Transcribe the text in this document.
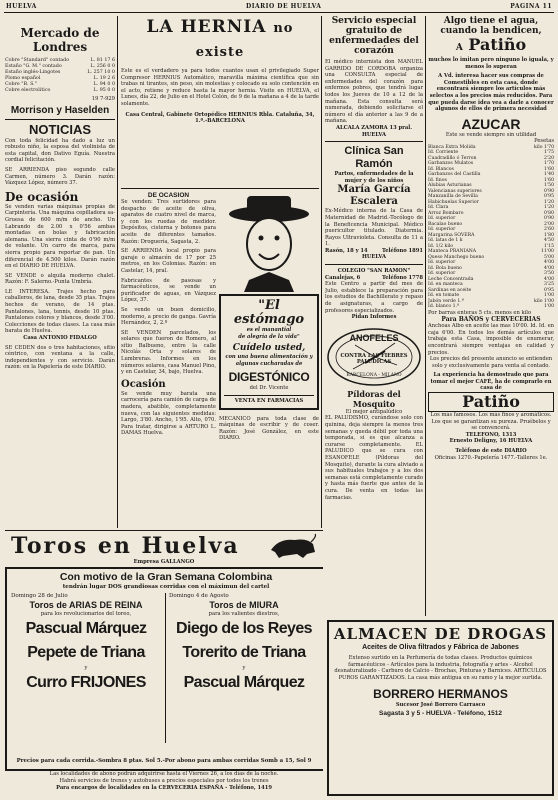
HUELVA	DIARIO DE HUELVA	PAGINA 11
Mercado de Londres
Cobre "Standard" contado	L. 81 17 6
Estaño "G. M." contado	L. 256 0 0
Estaño inglés-Lingotes	L. 257 10 0
Plomo español	L. 19 2 6
Cobre "B. S."	L. 94 0 0
Cobre electrolítico	L. 95 0 0
19 7-929
Morrison y Haselden
NOTICIAS
Con toda felicidad ha dado a luz un robusto niño, la esposa del violinista de esta capital, don Dativo Eguía. Nuestra cordial felicitación.
SE ARRIENDA piso segundo calle Carmen, número 3. Darán razón: Vázquez López, número 37.
De ocasión
Se venden varias máquinas propias de Carpintería. Una máquina cepilladora sa-Gruesa de 600 m/m de ancho. Un Labrando de 2.00 x 0'56 ambas montadas en bolas y fabricación alemana. Una sierra cinta de 0'90 m/m de volante. Un carro de marca, para sierra propio para reportar de pan. Un diferencial de 4.500 kilos. Darán razón en el DIARIO DE HUELVA.
SE VENDE o alquila moderno chalet. Razón: F. Salerno.-Punta Umbría.
LE INTERESA. Trajes hecho para caballeros, de lana, desde 35 ptas. Trajes hechos de verano, de 14 ptas. Pantalones, lana, tennis, desde 10 ptas. Pantalones colores y blancos, desde 3'00. Colecciones de todas clases. La casa más barata de Huelva.
Casa ANTONIO FIDALGO
SE CEDEN dos o tres habitaciones, sitio céntrico, con ventana a la calle, independientes y con servicio. Darán razón: en la Papelería de este DIARIO.
LA HERNIA no existe
Este es el verdadero ya para todos cuantos usan el privilegiado Super Compresor HERNIUS Automático, maravilla máxima científica que sin trabas ni tirantes, sin peso, sin molestias y colocado su solo contención en el acto, retiene y reduce hasta la mayor hernia. Visite en HUELVA, el Lunes, día 22, de Julio en el Hotel Colón, de 9 de la mañana a 4 de la tarde solamente.
Casa Central, Gabinete Ortopédico HERNIUS Rbla. Cataluña, 34, 1.º.-BARCELONA
DE OCASION
Se venden: Tres surtidores para despacho de aceite de oliva, aparatos de cuatro nivel de marca, y con los ruedas de medidor. Depósitos, cisterna y botones para aceite de diferentes tamaños. Razón: Droguería, Sagasta, 2.
SE ARRIENDA local propio para garaje o almacén de 17 por 25 metros, en los Colonias. Razón: en Castelar, 14, pral.
Fabricantes de pasosas y farmacéuticos, se vende un purificador de aguas, en Vázquez López, 37.
Se vende un buen domicilio, moderno, a precio de ganga. Gavría Hernández, 2, 2.º
SE VENDEN parcelados, los solares que fueron de Romero, al sitio Balbueno, entre la calle Nicolás Orta y solares de Lumbreras. Informes en los números solares, casa Manuel Pino, y en Castelar, 34, bajo, Huelva.
Ocasión
Se vende muy barata una carrocería para camión de carga de madera, abatible, completamente nueva, con las siguientes medidas: Largo, 3'80. Ancho, 1'95. Alto, 070. Para tratar, dirigirse a ARTURO L. DAMAS Huelva.
"El estómago
es el manantial
de alegría de la vida"
Cuídelo usted,
con una buena alimentación y algunas cucharadas de
DIGESTÓNICO
del Dr. Vicente
VENTA EN FARMACIAS
MECANICO para toda clase de máquinas de escribir y de coser. Razón: José González, en este DIARIO.
Servicio especial gratuito de enfermedades del corazón
El médico internista don MANUEL GARRIDO DE CORDOBA organiza una CONSULTA especial de enfermedades del corazón para enfermos pobres, que tendrá lugar todos los Jueves de 10 a 12 de la mañana. Esta consulta será numerada, debiendo solicitarse el número el día anterior a las 9 de a mañana.
ALCALA ZAMORA 13 pral.
HUELVA
Clínica San Ramón
Partos, enfermedades de la mujer y de los niños
María García Escalera
Ex-Médico interna de la Casa de Maternidad de Madrid.-Tocólogo de la Beneficencia Municipal. Médico puericultor titulado. Diatermia. Rayos Ultravioleta. Consulta de 11 a 1.
Rasón, 18 y 14	Teléfono 1891
HUELVA
COLEGIO "SAN RAMON"
Canalejas, 6	Teléfono 1778
Este Centro a partir del mes de Julio, establece la preparación para los estudios de Bachillerato y repaso de asignaturas, a cargo de profesores especializados.
Pidan Informes
ANOFELES
CONTRA LAS FIEBRES PALUDICAS
BARCELONA - MILANO
Píldoras del Mosquito
El mejor antipalúdico
EL PALUDISMO, curándose solo con quinina, deja siempre la menos tres semanas y queda débil por toda una temporada, si es que alcanza a curarse completamente. EL PALUDICO que se cura con ESANOFELE (Píldoras del Mosquito), durante la cura aliviado a sus habituales trabajos y a los dos semanas está completamente curado y hasta más fuerte que antes de la cura. De venta en todas las farmacias.
Algo tiene el agua, cuando la bendicen,
A Patiño
muchos lo imitan pero ninguno lo iguala, y menos lo superan
A Vd. interesa hacer sus compras de Comestibles en esta casa, donde encontrará siempre los artículos más selectos a los precios más reducidos. Para que pueda darse idea vea a darle a conocer algunos de ellos de primera necesidad
AZUCAR
Este se vende siempre sin utilidad
Pesetas
Blanca Extra Molida	kilo 1'70
Id. Corriente	1'75
Cuadradillo ó Terron	2'20
Garbanzos Mulatos	1'70
Id. Blancos	1'60
Garbanzos del Castilla	1'40
Id. finos	1'60
Alubias Asturianas	1'50
Valencianas superiores	0'90
Manzanilla de Sevilla	0'95
Habichuelas Superior	1'20
Id. Clara	1'20
Arroz Bombaro	0'80
Id. superior	0'90
Bacalao bueno	2'00
Id. superior	2'60
Margarina SOVERA	1'80
Id. latas de 1 k	4'50
Id. 1/2 kilo	1'15
Manteca PRANIANA	11'00
Queso Manchego bueno	5'00
Id. superior	4'00
Id. Bola bueno	4'00
Id. superior	3'50
Leche Concentrada	4'00
Id. en manteca	3'25
Sardinas en aceite	0'95
Id. en tomate	1'00
Jabón verde 1.ª	kilo 1'00
Id. blanco 1.ª	1'00
Por barras enteras 5 cts. menos en kilo
Para BAÑOS y CERVECERIAS
Anchoas Albo en aceite las mas 10'00. Id. Id. en caja 6'00. En todos los demás artículos que trabaja esta Casa, imposible de enumerar, encontrará siempre ventajas en calidad y precios.
Los precios del presente anuncio se entienden solo y exclusivamente para venta al contado.
La experiencia ha demostrado que para tomar el mejor CAFÉ, ha de comprarlo en casa de
Patiño
Los más famosos. Los más finos y aromáticos. Los que se garantizan su pureza. Pruébelos y se convencerá.
TELEFONO, 1313
Ernesto Deligny, 16 HUELVA
Teléfono de este DIARIO
Oficinas 1270.-Papelería 1477.-Talleres 1e.
Toros en Huelva
Empresa GALLANGO
Con motivo de la Gran Semana Colombina
tendrán lugar DOS grandiosas corridas con el máximun del cartel
Domingo 28 de Julio
Toros de ARIAS DE REINA
para los revolucionarios del toreo,
Pascual Márquez
Pepete de Triana
y
Curro FRIJONES
Domingo 4 de Agosto
Toros de MIURA
para los valientes diestros,
Diego de los Reyes
Torerito de Triana
y
Pascual Márquez
Precios para cada corrida.-Sombra 8 ptas. Sol 5.-Por abono para ambas corridas Somb a 15, Sol 9
Las localidades de abono podrán adquirirse hasta el Viernes 26, a los días de la noche.
Habrá servicios de trenes y autobuses a precios especiales por todos los trenes
Para encargos de localidades en la CERVECERIA ESPAÑA - Teléfono, 1419
ALMACEN DE DROGAS
Aceites de Oliva filtrados y Fábrica de Jabones
Extenso surtido en la Perfumería de todas clases. Productos químicos farmacéuticos - Artículos para la industria, fotografía y artes - Alcohol desnaturalizado - Carburo de Calcio - Brochas, Pinturas y Barnices. ARTICULOS PUROS GARANTIZADOS. La casa más antigua en su ramo y la mejor surtida.
BORRERO HERMANOS
Sucesor José Borrero Carrasco
Sagasta 3 y 5 - HUELVA - Teléfono, 1512
